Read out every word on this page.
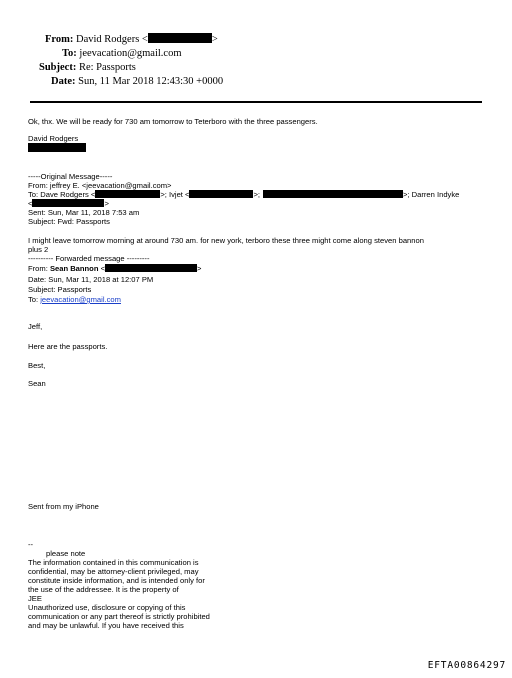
From: David Rodgers <	>
To: jeevacation@gmail.com
Subject: Re: Passports
Date: Sun, 11 Mar 2018 12:43:30 +0000
Ok, thx. We will be ready for 730 am tomorrow to Teterboro with the three passengers.
David Rodgers
-----Original Message-----
From: jeffrey E. <jeevacation@gmail.com>
To: Dave Rodgers <	>; Ivjet <	>;	>; Darren Indyke
<	>
Sent: Sun, Mar 11, 2018 7:53 am
Subject: Fwd: Passports
I might leave tomorrow morning at around 730 am. for new york, terboro these three might come along steven bannon
plus 2
---------- Forwarded message ---------
From: Sean Bannon <	>
Date: Sun, Mar 11, 2018 at 12:07 PM
Subject: Passports
To: jeevacation@gmail.com
Jeff,
Here are the passports.
Best,
Sean
Sent from my iPhone
--
please note
The information contained in this communication is
confidential, may be attorney-client privileged, may
constitute inside information, and is intended only for
the use of the addressee. It is the property of
JEE
Unauthorized use, disclosure or copying of this
communication or any part thereof is strictly prohibited
and may be unlawful. If you have received this
EFTA00864297
